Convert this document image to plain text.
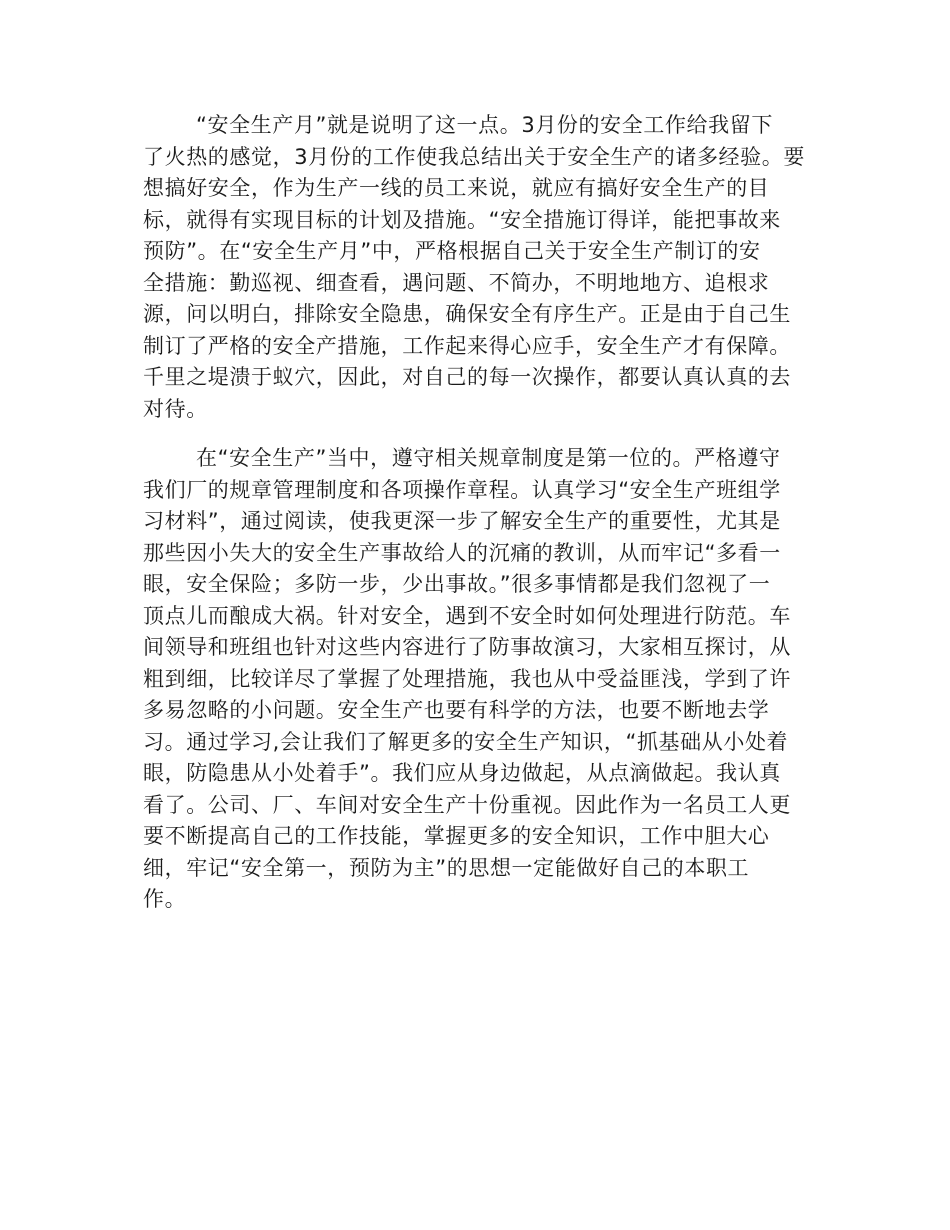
“安全生产月”就是说明了这一点。3月份的安全工作给我留下
了火热的感觉，3月份的工作使我总结出关于安全生产的诸多经验。要
想搞好安全，作为生产一线的员工来说，就应有搞好安全生产的目
标，就得有实现目标的计划及措施。“安全措施订得详，能把事故来
预防”。在“安全生产月”中，严格根据自己关于安全生产制订的安
全措施：勤巡视、细查看，遇问题、不简办，不明地地方、追根求
源，问以明白，排除安全隐患，确保安全有序生产。正是由于自己生
制订了严格的安全产措施，工作起来得心应手，安全生产才有保障。
千里之堤溃于蚁穴，因此，对自己的每一次操作，都要认真认真的去
对待。

在“安全生产”当中，遵守相关规章制度是第一位的。严格遵守
我们厂的规章管理制度和各项操作章程。认真学习“安全生产班组学
习材料”，通过阅读，使我更深一步了解安全生产的重要性，尤其是
那些因小失大的安全生产事故给人的沉痛的教训，从而牢记“多看一
眼，安全保险；多防一步，少出事故。”很多事情都是我们忽视了一
顶点儿而酿成大祸。针对安全，遇到不安全时如何处理进行防范。车
间领导和班组也针对这些内容进行了防事故演习，大家相互探讨，从
粗到细，比较详尽了掌握了处理措施，我也从中受益匪浅，学到了许
多易忽略的小问题。安全生产也要有科学的方法，也要不断地去学
习。通过学习,会让我们了解更多的安全生产知识，“抓基础从小处着
眼，防隐患从小处着手”。我们应从身边做起，从点滴做起。我认真
看了。公司、厂、车间对安全生产十份重视。因此作为一名员工人更
要不断提高自己的工作技能，掌握更多的安全知识，工作中胆大心
细，牢记“安全第一，预防为主”的思想一定能做好自己的本职工
作。
